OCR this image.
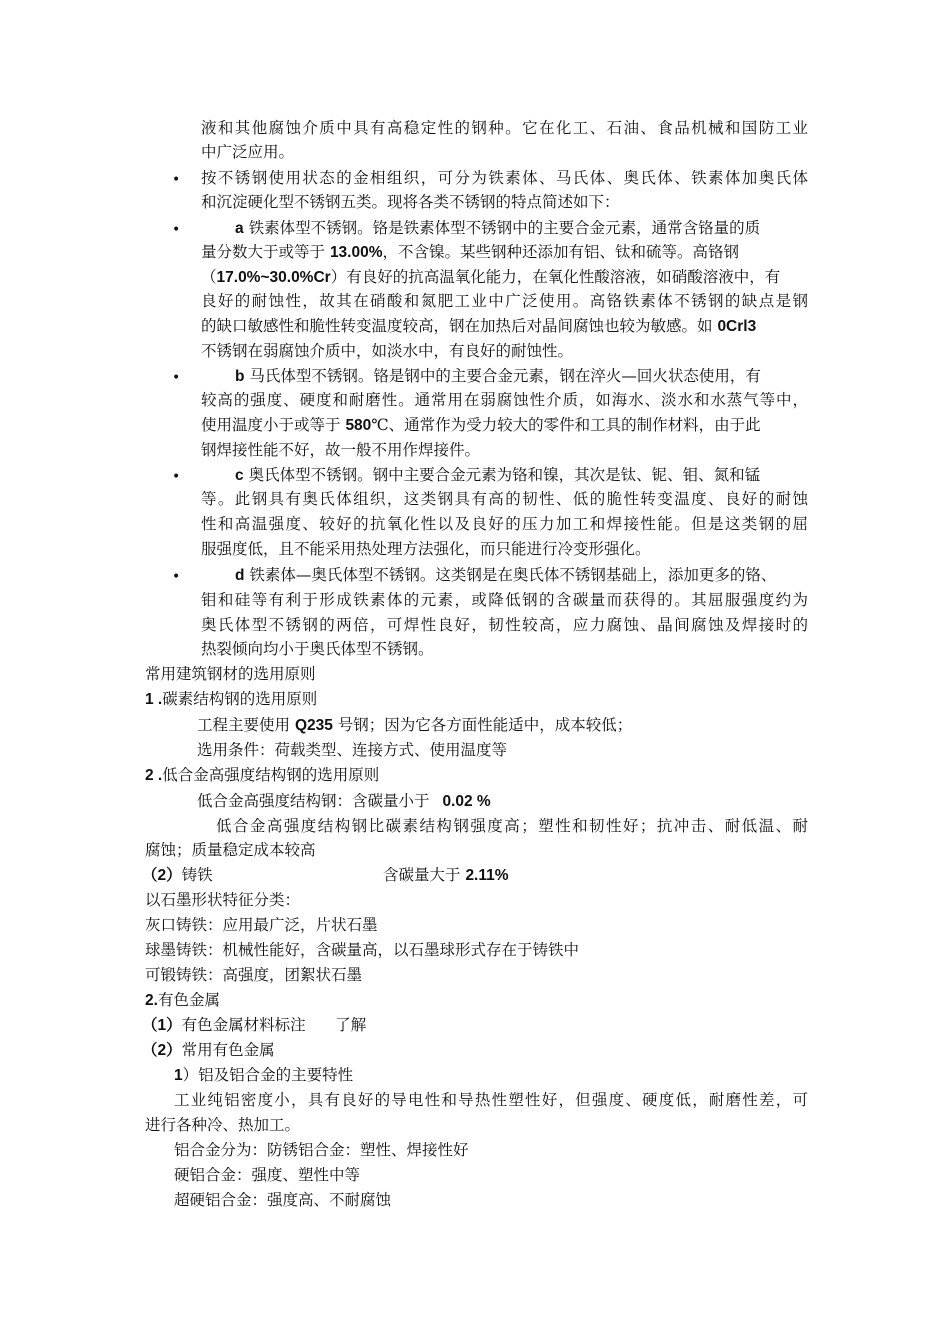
液和其他腐蚀介质中具有高稳定性的钢种。它在化工、石油、食品机械和国防工业
中广泛应用。
• 按不锈钢使用状态的金相组织，可分为铁素体、马氏体、奥氏体、铁素体加奥氏体
和沉淀硬化型不锈钢五类。现将各类不锈钢的特点简述如下：
•	a 铁素体型不锈钢。铬是铁素体型不锈钢中的主要合金元素，通常含铬量的质
量分数大于或等于 13.00%，不含镍。某些钢种还添加有铝、钛和硫等。高铬钢
（17.0%~30.0%Cr）有良好的抗高温氧化能力，在氧化性酸溶液，如硝酸溶液中，有
良好的耐蚀性，故其在硝酸和氮肥工业中广泛使用。高铬铁素体不锈钢的缺点是钢
的缺口敏感性和脆性转变温度较高，钢在加热后对晶间腐蚀也较为敏感。如 0Crl3
不锈钢在弱腐蚀介质中，如淡水中，有良好的耐蚀性。
•	b 马氏体型不锈钢。铬是钢中的主要合金元素，钢在淬火—回火状态使用，有
较高的强度、硬度和耐磨性。通常用在弱腐蚀性介质，如海水、淡水和水蒸气等中，
使用温度小于或等于 580℃、通常作为受力较大的零件和工具的制作材料，由于此
钢焊接性能不好，故一般不用作焊接件。
•	c 奥氏体型不锈钢。钢中主要合金元素为铬和镍，其次是钛、铌、钼、氮和锰
等。此钢具有奥氏体组织，这类钢具有高的韧性、低的脆性转变温度、良好的耐蚀
性和高温强度、较好的抗氧化性以及良好的压力加工和焊接性能。但是这类钢的屈
服强度低，且不能采用热处理方法强化，而只能进行冷变形强化。
•	d 铁素体—奥氏体型不锈钢。这类钢是在奥氏体不锈钢基础上，添加更多的铬、
钼和硅等有利于形成铁素体的元素，或降低钢的含碳量而获得的。其屈服强度约为
奥氏体型不锈钢的两倍，可焊性良好，韧性较高，应力腐蚀、晶间腐蚀及焊接时的
热裂倾向均小于奥氏体型不锈钢。
常用建筑钢材的选用原则
1 .碳素结构钢的选用原则
工程主要使用 Q235 号钢；因为它各方面性能适中，成本较低；
选用条件：荷载类型、连接方式、使用温度等
2 .低合金高强度结构钢的选用原则
低合金高强度结构钢：含碳量小于 0.02 %
低合金高强度结构钢比碳素结构钢强度高；塑性和韧性好；抗冲击、耐低温、耐
腐蚀；质量稳定成本较高
（2）铸铁	含碳量大于 2.11%
以石墨形状特征分类：
灰口铸铁：应用最广泛，片状石墨
球墨铸铁：机械性能好，含碳量高，以石墨球形式存在于铸铁中
可锻铸铁：高强度，团絮状石墨
2.有色金属
（1）有色金属材料标注      了解
（2）常用有色金属
1）铝及铝合金的主要特性
工业纯铝密度小，具有良好的导电性和导热性塑性好，但强度、硬度低，耐磨性差，可
进行各种冷、热加工。
铝合金分为：防锈铝合金：塑性、焊接性好
硬铝合金：强度、塑性中等
超硬铝合金：强度高、不耐腐蚀
